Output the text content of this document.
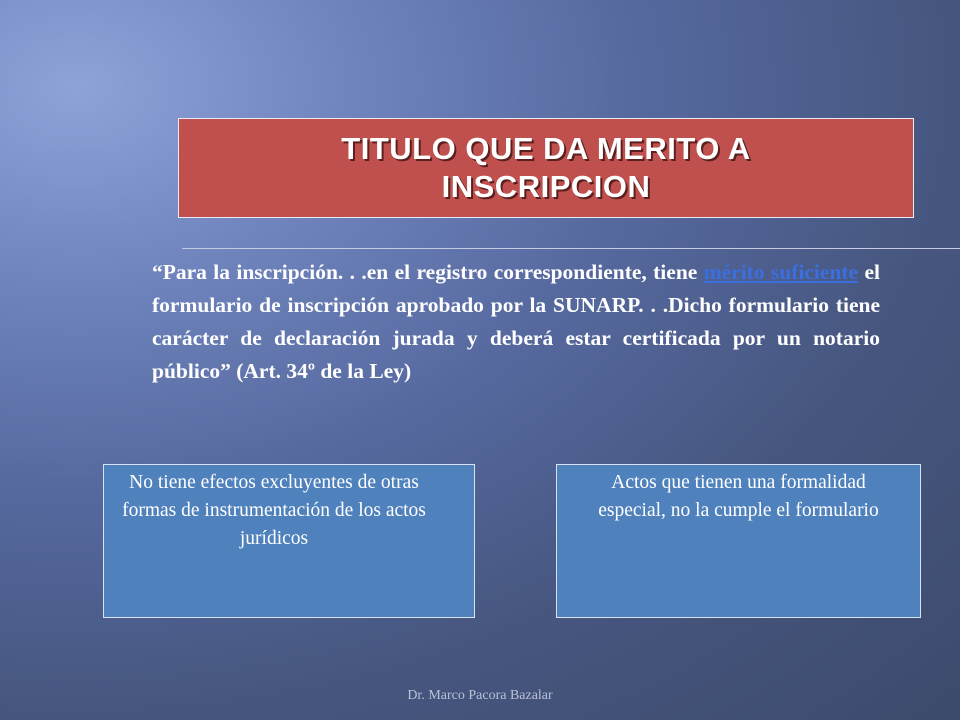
TITULO QUE DA MERITO A
INSCRIPCION
“Para la inscripción. . .en el registro correspondiente, tiene mérito suficiente el formulario de inscripción aprobado por la SUNARP. . .Dicho formulario tiene carácter de declaración jurada y deberá estar certificada por un notario público” (Art. 34º de la Ley)
No tiene efectos excluyentes de otras formas de instrumentación de los actos jurídicos
Actos que tienen una formalidad especial, no la cumple el formulario
Dr. Marco Pacora Bazalar
